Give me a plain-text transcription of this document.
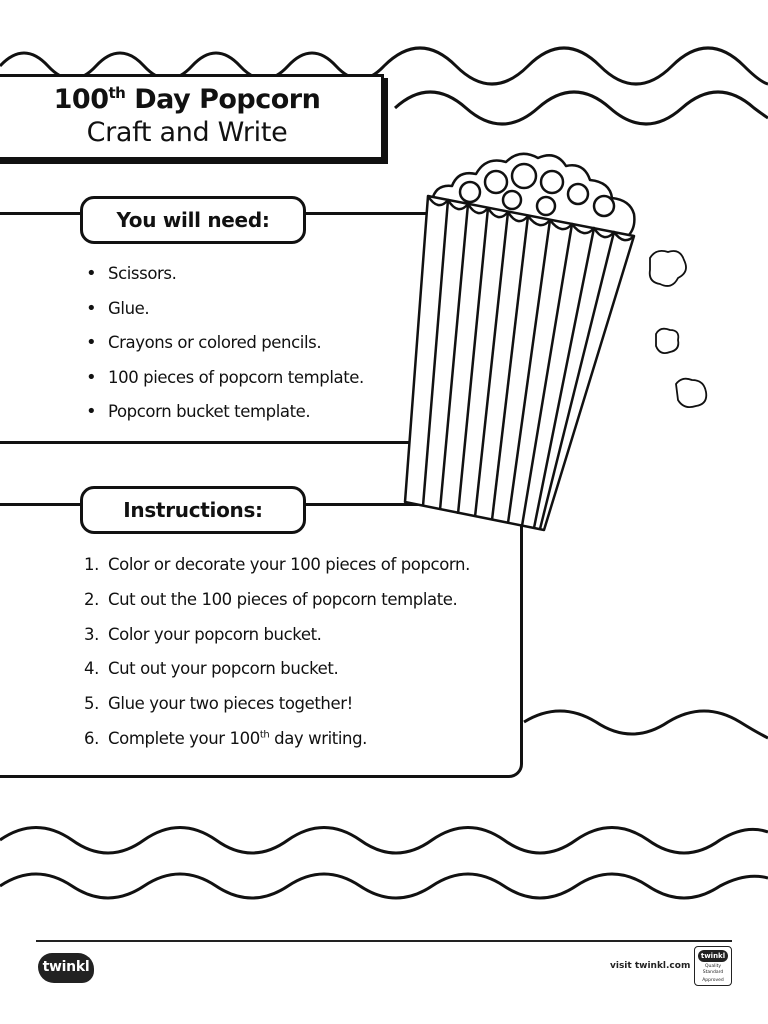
100th Day Popcorn
Craft and Write
You will need:
• Scissors.
• Glue.
• Crayons or colored pencils.
• 100 pieces of popcorn template.
• Popcorn bucket template.
Instructions:
1. Color or decorate your 100 pieces of popcorn.
2. Cut out the 100 pieces of popcorn template.
3. Color your popcorn bucket.
4. Cut out your popcorn bucket.
5. Glue your two pieces together!
6. Complete your 100th day writing.
twinkl	visit twinkl.com
twinkl
Quality Standard
Approved
